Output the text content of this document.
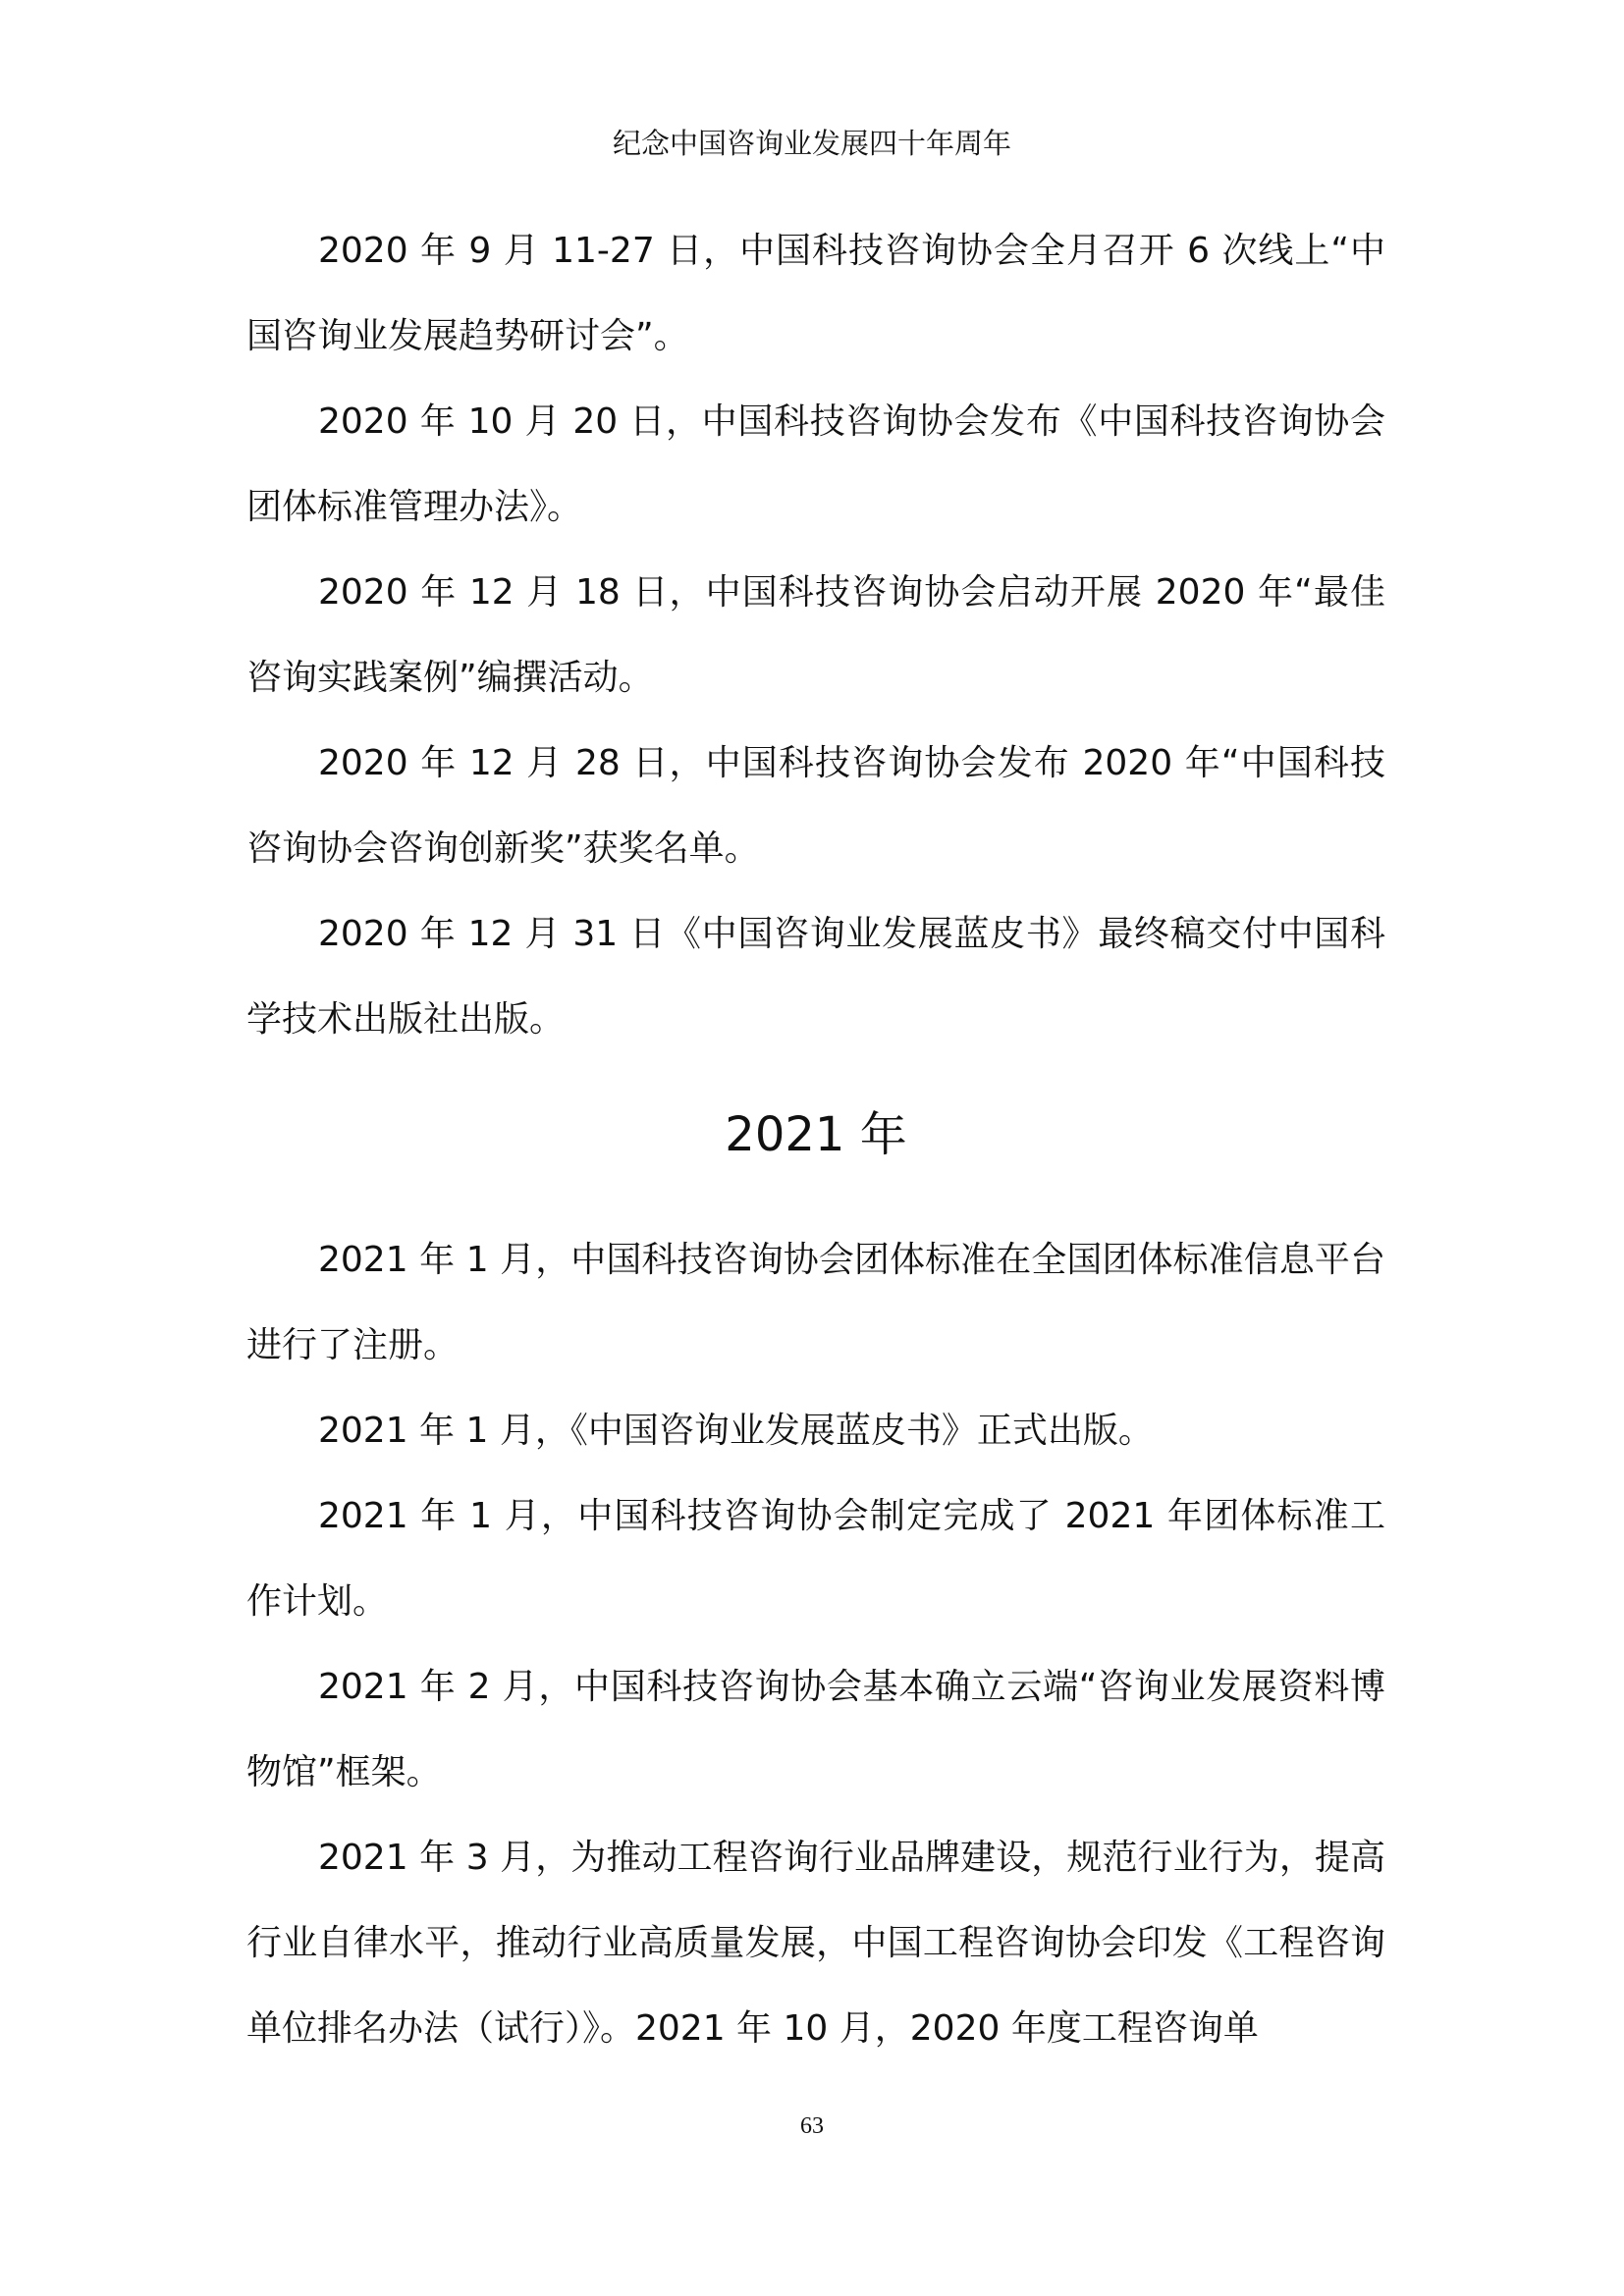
纪念中国咨询业发展四十年周年

2020 年 9 月 11-27 日，中国科技咨询协会全月召开 6 次线上“中国咨询业发展趋势研讨会”。

2020 年 10 月 20 日，中国科技咨询协会发布《中国科技咨询协会团体标准管理办法》。

2020 年 12 月 18 日，中国科技咨询协会启动开展 2020 年“最佳咨询实践案例”编撰活动。

2020 年 12 月 28 日，中国科技咨询协会发布 2020 年“中国科技咨询协会咨询创新奖”获奖名单。

2020 年 12 月 31 日《中国咨询业发展蓝皮书》最终稿交付中国科学技术出版社出版。

2021 年

2021 年 1 月，中国科技咨询协会团体标准在全国团体标准信息平台进行了注册。

2021 年 1 月，《中国咨询业发展蓝皮书》正式出版。

2021 年 1 月，中国科技咨询协会制定完成了 2021 年团体标准工作计划。

2021 年 2 月，中国科技咨询协会基本确立云端“咨询业发展资料博物馆”框架。

2021 年 3 月，为推动工程咨询行业品牌建设，规范行业行为，提高行业自律水平，推动行业高质量发展，中国工程咨询协会印发《工程咨询单位排名办法（试行）》。2021 年 10 月，2020 年度工程咨询单

63
